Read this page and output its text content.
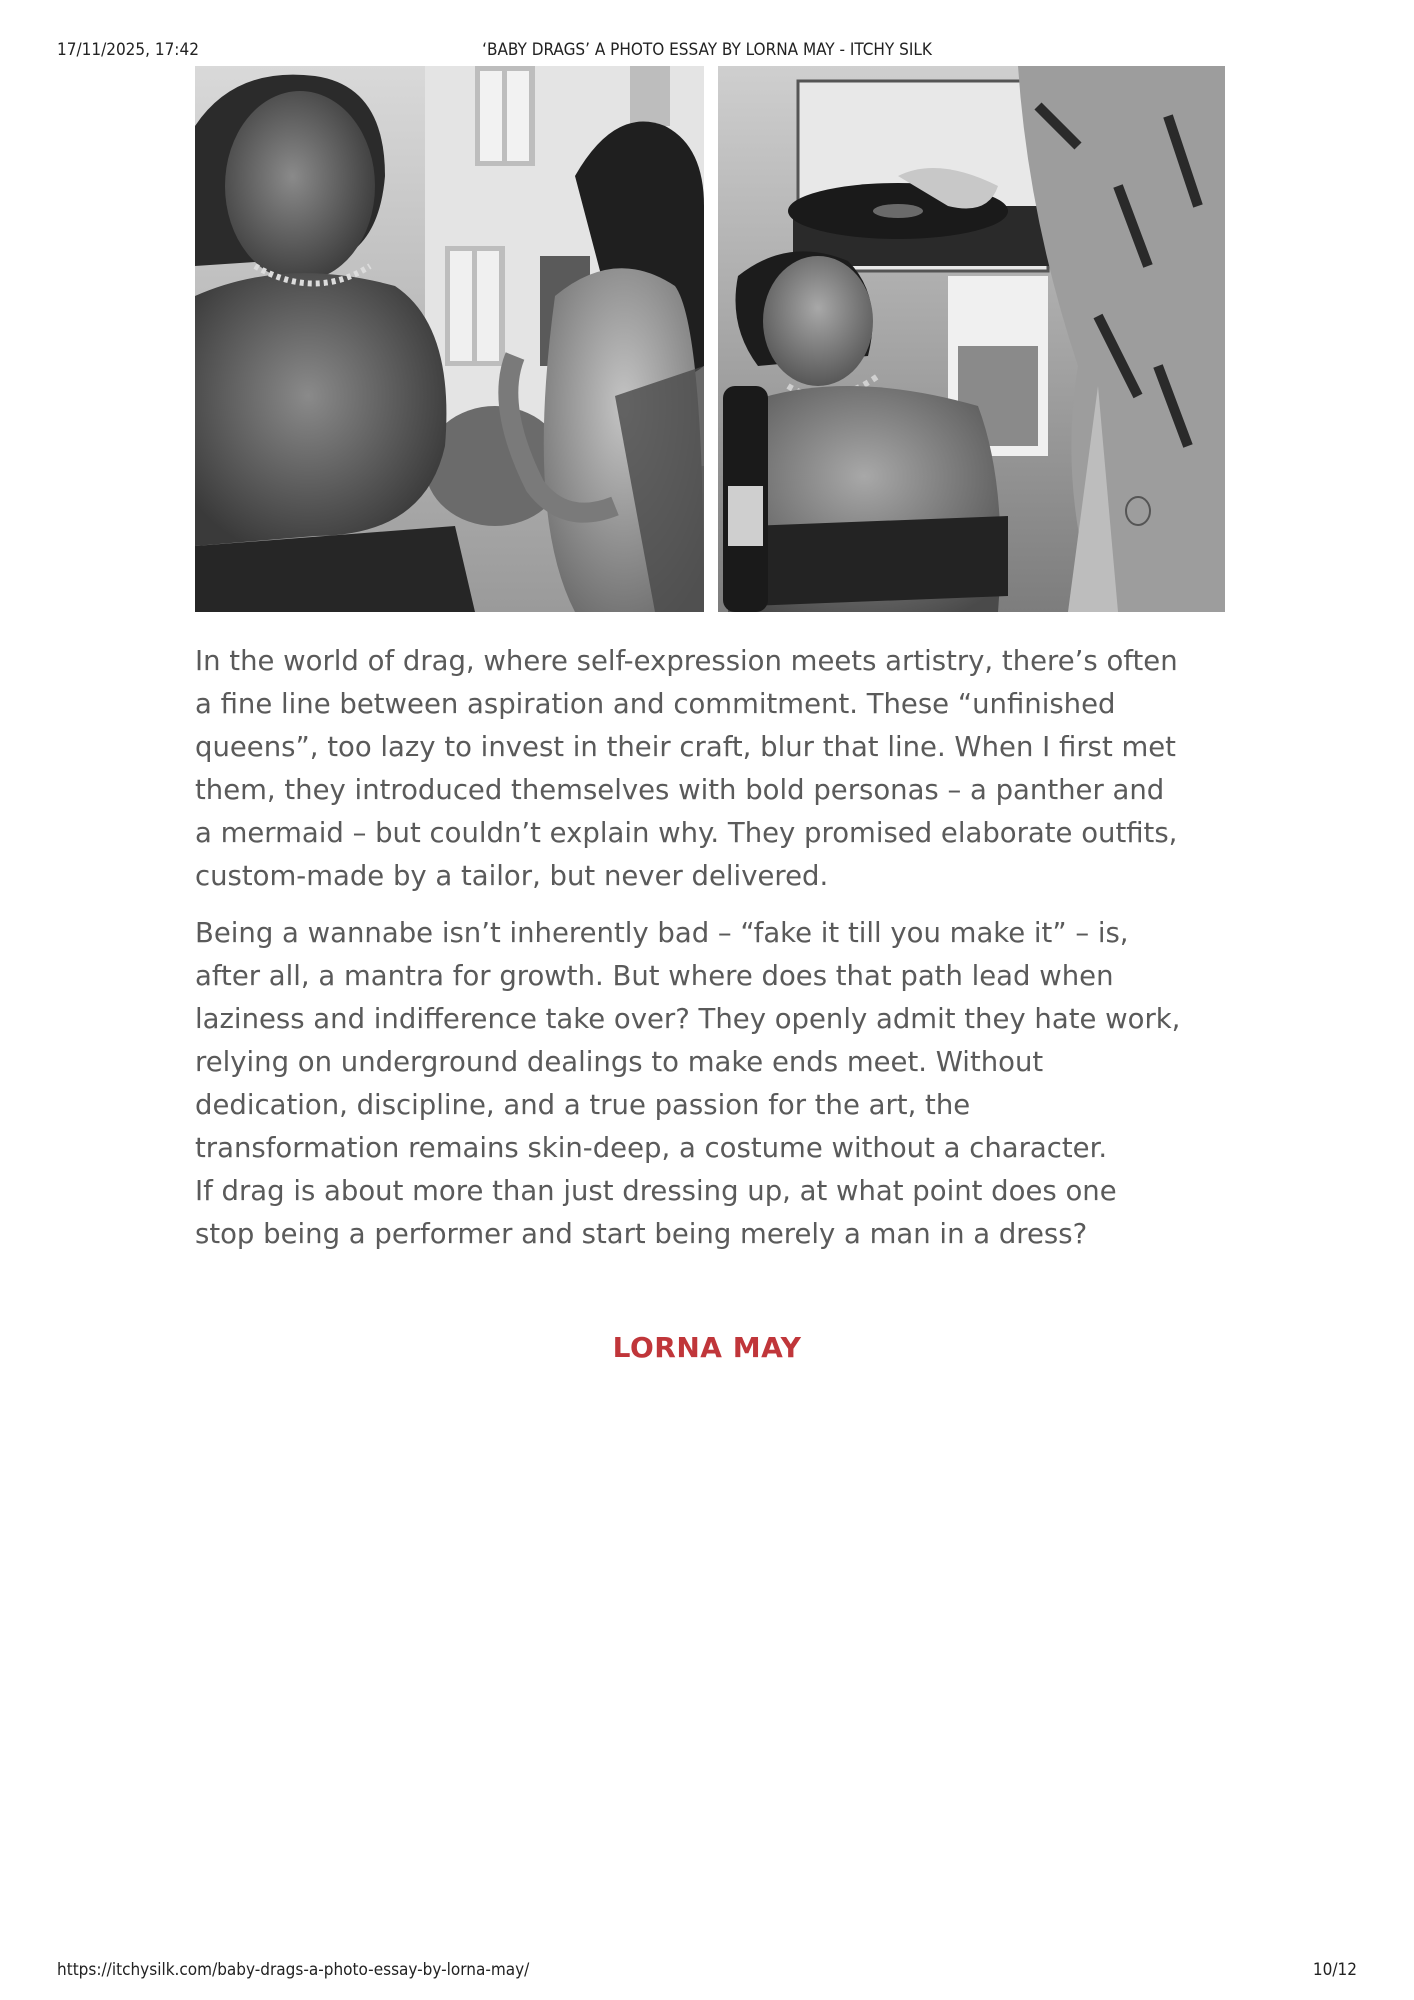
17/11/2025, 17:42	‘BABY DRAGS’ A PHOTO ESSAY BY LORNA MAY - ITCHY SILK

In the world of drag, where self-expression meets artistry, there’s often
a fine line between aspiration and commitment. These “unfinished
queens”, too lazy to invest in their craft, blur that line. When I first met
them, they introduced themselves with bold personas – a panther and
a mermaid – but couldn’t explain why. They promised elaborate outfits,
custom-made by a tailor, but never delivered.

Being a wannabe isn’t inherently bad – “fake it till you make it” – is,
after all, a mantra for growth. But where does that path lead when
laziness and indifference take over? They openly admit they hate work,
relying on underground dealings to make ends meet. Without
dedication, discipline, and a true passion for the art, the
transformation remains skin-deep, a costume without a character.
If drag is about more than just dressing up, at what point does one
stop being a performer and start being merely a man in a dress?

LORNA MAY
https://itchysilk.com/baby-drags-a-photo-essay-by-lorna-may/	10/12
